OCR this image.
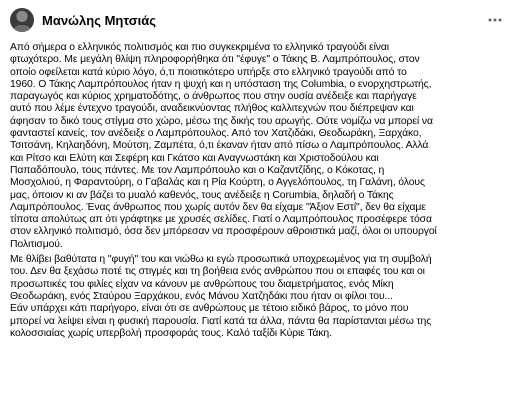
Μανώλης Μητσιάς

Από σήμερα ο ελληνικός πολιτισμός και πιο συγκεκριμένα το ελληνικό τραγούδι είναι
φτωχότερο. Με μεγάλη θλίψη πληροφορήθηκα ότι "έφυγε" ο Τάκης Β. Λαμπρόπουλος, στον
οποίο οφείλεται κατά κύριο λόγο, ό,τι ποιοτικότερο υπήρξε στο ελληνικό τραγούδι από το
1960. Ο Τάκης Λαμπρόπουλος ήταν η ψυχή και η υπόσταση της Columbia, ο ενορχηστρωτής,
παραγωγός και κύριος χρηματοδότης, ο άνθρωπος που στην ουσία ανέδειξε και παρήγαγε
αυτό που λέμε έντεχνο τραγούδι, αναδεικνύοντας πλήθος καλλιτεχνών που διέπρεψαν και
άφησαν το δικό τους στίγμα στο χώρο, μέσω της δικής του αρωγής. Ούτε νομίζω να μπορεί να
φανταστεί κανείς, τον ανέδειξε ο Λαμπρόπουλος. Από τον Χατζιδάκι, Θεοδωράκη, Ξαρχάκο,
Τσιτσάνη, Κηλαηδόνη, Μούτση, Ζαμπέτα, ό,τι έκαναν ήταν από πίσω ο Λαμπρόπουλος. Αλλά
και Ρίτσο και Ελύτη και Σεφέρη και Γκάτσο και Αναγνωστάκη και Χριστοδούλου και
Παπαδόπουλο, τους πάντες. Με τον Λαμπρόπουλο και ο Καζαντζίδης, ο Κόκοτας, η
Μοσχολιού, η Φαραντούρη, ο Γαβαλάς και η Ρία Κούρτη, ο Αγγελόπουλος, τη Γαλάνη, όλους
μας, όποιον κι αν βάζει το μυαλό καθενός, τους ανέδειξε η Corumbia, δηλαδή ο Τάκης
Λαμπρόπουλος. Ένας άνθρωπος που χωρίς αυτόν δεν θα είχαμε "Άξιον Εστί", δεν θα είχαμε
τίποτα απολύτως απ ότι γράφτηκε με χρυσές σελίδες. Γιατί ο Λαμπρόπουλος προσέφερε τόσα
στον ελληνικό πολιτισμό, όσα δεν μπόρεσαν να προσφέρουν αθροιστικά μαζί, όλοι οι υπουργοί
Πολιτισμού.

Με θλίβει βαθύτατα η "φυγή" του και νιώθω κι εγώ προσωπικά υποχρεωμένος για τη συμβολή
του. Δεν θα ξεχάσω ποτέ τις στιγμές και τη βοήθεια ενός ανθρώπου που οι επαφές του και οι
προσωπικές του φιλίες είχαν να κάνουν με ανθρώπους του διαμετρήματος, ενός Μίκη
Θεοδωράκη, ενός Σταύρου Ξαρχάκου, ενός Μάνου Χατζηδάκι που ήταν οι φίλοι του...
Εάν υπάρχει κάτι παρήγορο, είναι ότι σε ανθρώπους με τέτοιο ειδικό βάρος, το μόνο που
μπορεί να λείψει είναι η φυσική παρουσία. Γιατί κατά τα άλλα, πάντα θα παρίστανται μέσω της
κολοσσιαίας χωρίς υπερβολή προσφοράς τους. Καλό ταξίδι Κύριε Τάκη.
